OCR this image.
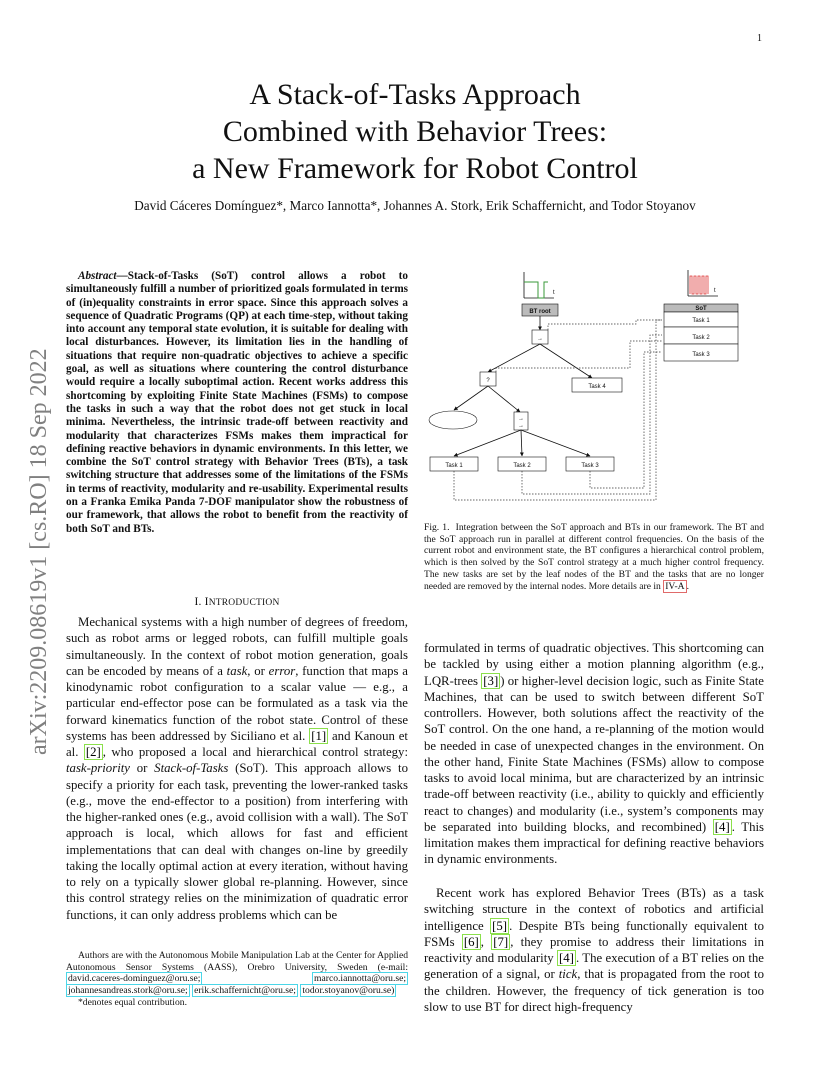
1
arXiv:2209.08619v1 [cs.RO] 18 Sep 2022
A Stack-of-Tasks Approach
Combined with Behavior Trees:
a New Framework for Robot Control
David Cáceres Domínguez*, Marco Iannotta*, Johannes A. Stork, Erik Schaffernicht, and Todor Stoyanov
Abstract—Stack-of-Tasks (SoT) control allows a robot to simultaneously fulfill a number of prioritized goals formulated in terms of (in)equality constraints in error space. Since this approach solves a sequence of Quadratic Programs (QP) at each time-step, without taking into account any temporal state evolution, it is suitable for dealing with local disturbances. However, its limitation lies in the handling of situations that require non-quadratic objectives to achieve a specific goal, as well as situations where countering the control disturbance would require a locally suboptimal action. Recent works address this shortcoming by exploiting Finite State Machines (FSMs) to compose the tasks in such a way that the robot does not get stuck in local minima. Nevertheless, the intrinsic trade-off between reactivity and modularity that characterizes FSMs makes them impractical for defining reactive behaviors in dynamic environments. In this letter, we combine the SoT control strategy with Behavior Trees (BTs), a task switching structure that addresses some of the limitations of the FSMs in terms of reactivity, modularity and re-usability. Experimental results on a Franka Emika Panda 7-DOF manipulator show the robustness of our framework, that allows the robot to benefit from the reactivity of both SoT and BTs.
I. INTRODUCTION
Mechanical systems with a high number of degrees of freedom, such as robot arms or legged robots, can fulfill multiple goals simultaneously. In the context of robot motion generation, goals can be encoded by means of a task, or error, function that maps a kinodynamic robot configuration to a scalar value — e.g., a particular end-effector pose can be formulated as a task via the forward kinematics function of the robot state. Control of these systems has been addressed by Siciliano et al. [1] and Kanoun et al. [2] , who proposed a local and hierarchical control strategy: task-priority or Stack-of-Tasks (SoT). This approach allows to specify a priority for each task, preventing the lower-ranked tasks (e.g., move the end-effector to a position) from interfering with the higher-ranked ones (e.g., avoid collision with a wall). The SoT approach is local, which allows for fast and efficient implementations that can deal with changes on-line by greedily taking the locally optimal action at every iteration, without having to rely on a typically slower global re-planning. However, since this control strategy relies on the minimization of quadratic error functions, it can only address problems which can be

Authors are with the Autonomous Mobile Manipulation Lab at the Center for Applied Autonomous Sensor Systems (AASS), Orebro University, Sweden (e-mail: david.caceres-dominguez@oru.se;	marco.iannotta@oru.se; johannesandreas.stork@oru.se; erik.schaffernicht@oru.se; todor.stoyanov@oru.se)

*denotes equal contribution.

t	t
BT root
→
?
Task 4
→
→
Task 1	Task 2	Task 3
SoT
Task 1
Task 2
Task 3
Fig. 1. Integration between the SoT approach and BTs in our framework. The BT and the SoT approach run in parallel at different control frequencies. On the basis of the current robot and environment state, the BT configures a hierarchical control problem, which is then solved by the SoT control strategy at a much higher control frequency. The new tasks are set by the leaf nodes of the BT and the tasks that are no longer needed are removed by the internal nodes. More details are in IV-A .
formulated in terms of quadratic objectives. This shortcoming can be tackled by using either a motion planning algorithm (e.g., LQR-trees [3] ) or higher-level decision logic, such as Finite State Machines, that can be used to switch between different SoT controllers. However, both solutions affect the reactivity of the SoT control. On the one hand, a re-planning of the motion would be needed in case of unexpected changes in the environment. On the other hand, Finite State Machines (FSMs) allow to compose tasks to avoid local minima, but are characterized by an intrinsic trade-off between reactivity (i.e., ability to quickly and efficiently react to changes) and modularity (i.e., system’s components may be separated into building blocks, and recombined) [4] . This limitation makes them impractical for defining reactive behaviors in dynamic environments.
Recent work has explored Behavior Trees (BTs) as a task switching structure in the context of robotics and artificial intelligence [5] . Despite BTs being functionally equivalent to FSMs [6] , [7] , they promise to address their limitations in reactivity and modularity [4] . The execution of a BT relies on the generation of a signal, or tick, that is propagated from the root to the children. However, the frequency of tick generation is too slow to use BT for direct high-frequency
